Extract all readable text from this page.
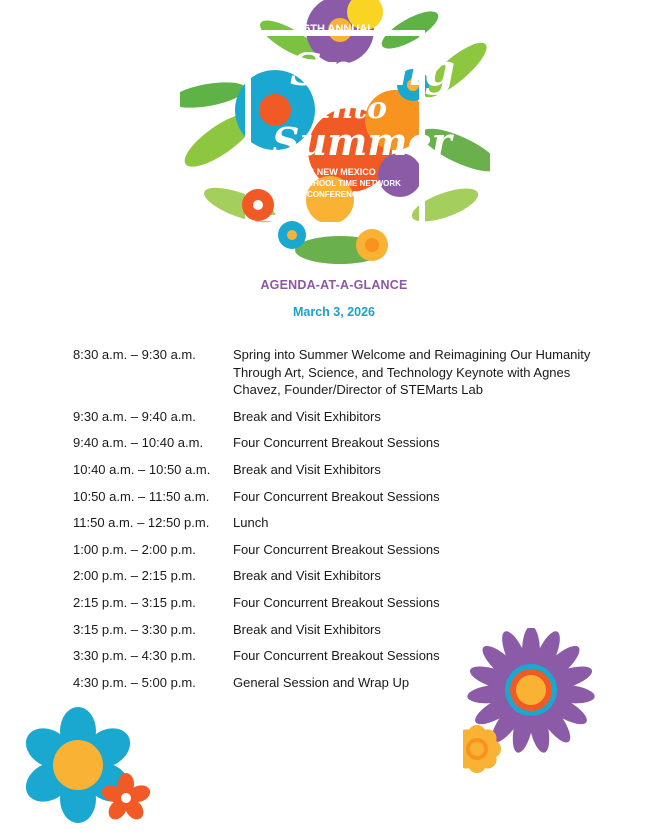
16TH ANNUAL
Spring
into
Summer
2026 NEW MEXICO
OUT-OF-SCHOOL TIME NETWORK
CONFERENCE
AGENDA-AT-A-GLANCE
March 3, 2026
8:30 a.m. – 9:30 a.m.	Spring into Summer Welcome and Reimagining Our Humanity Through Art, Science, and Technology Keynote with Agnes Chavez, Founder/Director of STEMarts Lab
9:30 a.m. – 9:40 a.m.	Break and Visit Exhibitors
9:40 a.m. – 10:40 a.m.	Four Concurrent Breakout Sessions
10:40 a.m. – 10:50 a.m.	Break and Visit Exhibitors
10:50 a.m. – 11:50 a.m.	Four Concurrent Breakout Sessions
11:50 a.m. – 12:50 p.m.	Lunch
1:00 p.m. – 2:00 p.m.	Four Concurrent Breakout Sessions
2:00 p.m. – 2:15 p.m.	Break and Visit Exhibitors
2:15 p.m. – 3:15 p.m.	Four Concurrent Breakout Sessions
3:15 p.m. – 3:30 p.m.	Break and Visit Exhibitors
3:30 p.m. – 4:30 p.m.	Four Concurrent Breakout Sessions
4:30 p.m. – 5:00 p.m.	General Session and Wrap Up
